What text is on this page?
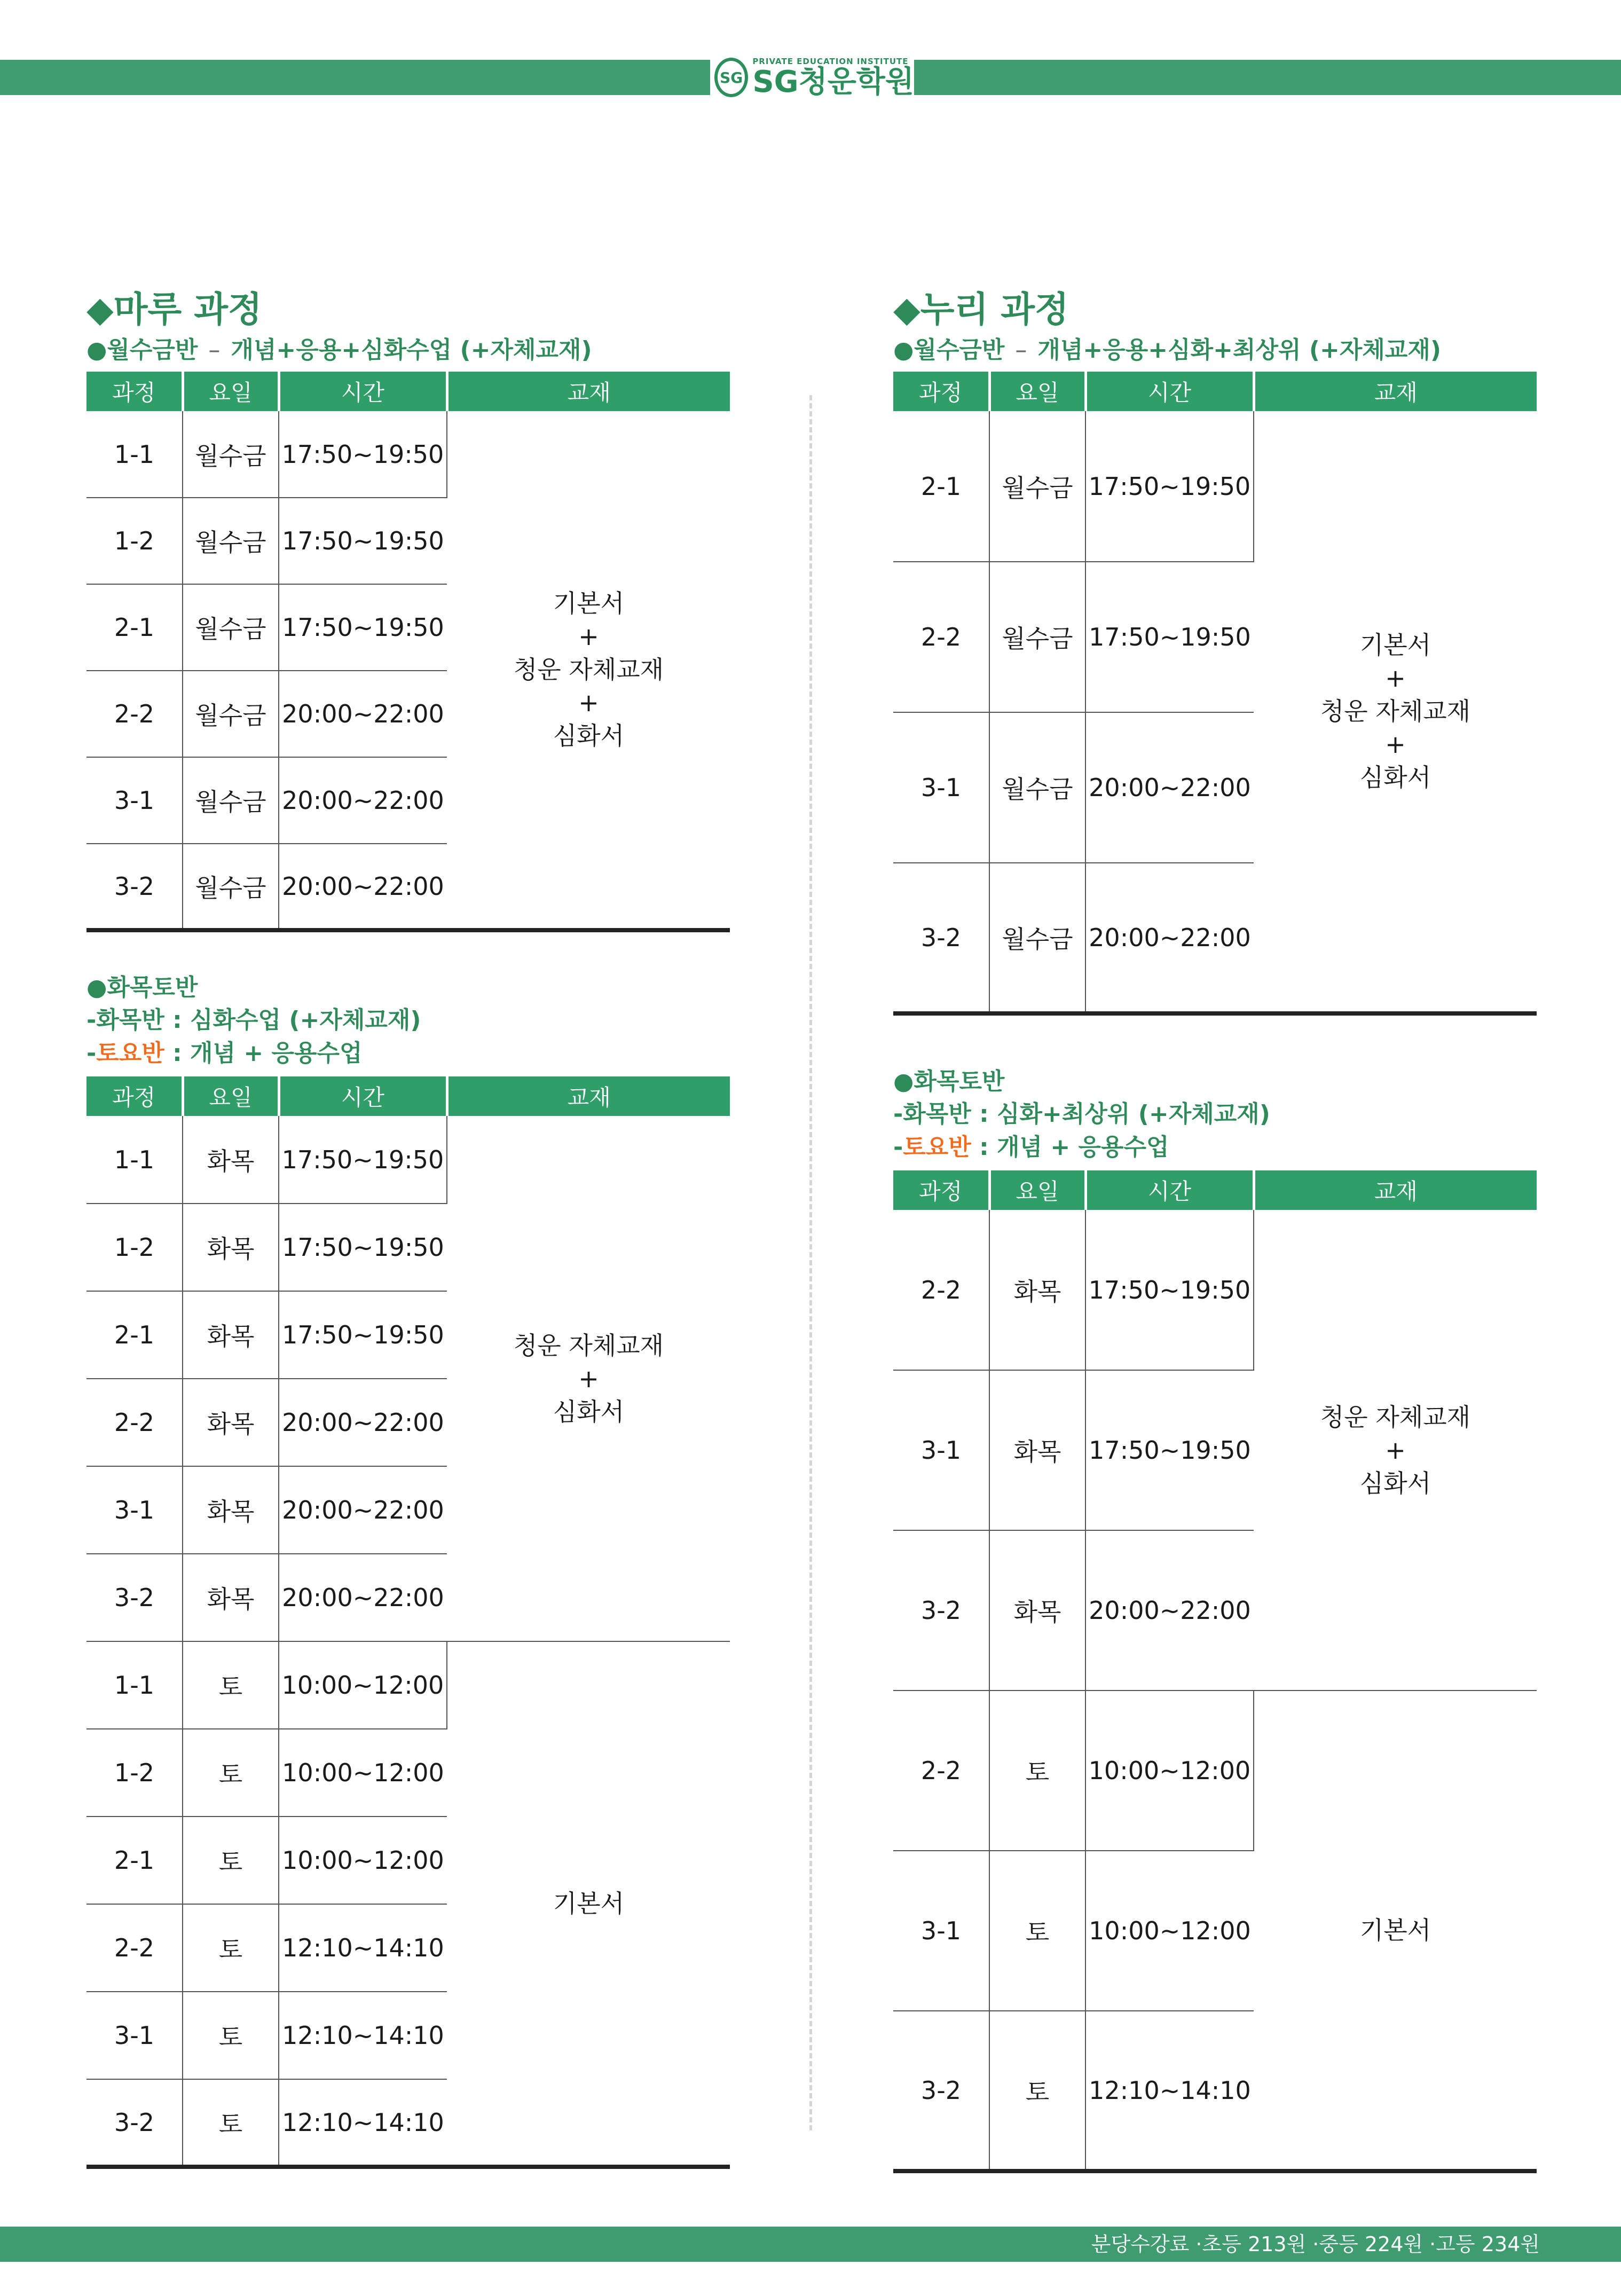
SG
PRIVATE EDUCATION INSTITUTE
SG청운학원
◆마루 과정
●월수금반 – 개념+응용+심화수업 (+자체교재)
과정	요일	시간	교재
1-1	월수금	17:50~19:50	기본서
+
청운 자체교재
+
심화서

1-2	월수금	17:50~19:50	
2-1	월수금	17:50~19:50	
2-2	월수금	20:00~22:00	
3-1	월수금	20:00~22:00	
3-2	월수금	20:00~22:00	
●화목토반
-화목반 : 심화수업 (+자체교재)
-토요반 : 개념 + 응용수업
과정	요일	시간	교재
1-1	화목	17:50~19:50	청운 자체교재
+
심화서

1-2	화목	17:50~19:50	
2-1	화목	17:50~19:50	
2-2	화목	20:00~22:00	
3-1	화목	20:00~22:00	
3-2	화목	20:00~22:00	
1-1	토	10:00~12:00	기본서

1-2	토	10:00~12:00	
2-1	토	10:00~12:00	
2-2	토	12:10~14:10	
3-1	토	12:10~14:10	
3-2	토	12:10~14:10	
◆누리 과정
●월수금반 – 개념+응용+심화+최상위 (+자체교재)
과정	요일	시간	교재
2-1	월수금	17:50~19:50	기본서
+
청운 자체교재
+
심화서

2-2	월수금	17:50~19:50	
3-1	월수금	20:00~22:00	
3-2	월수금	20:00~22:00	
●화목토반
-화목반 : 심화+최상위 (+자체교재)
-토요반 : 개념 + 응용수업
과정	요일	시간	교재
2-2	화목	17:50~19:50	청운 자체교재
+
심화서

3-1	화목	17:50~19:50	
3-2	화목	20:00~22:00	
2-2	토	10:00~12:00	기본서

3-1	토	10:00~12:00	
3-2	토	12:10~14:10	
분당수강료 ·초등 213원 ·중등 224원 ·고등 234원
